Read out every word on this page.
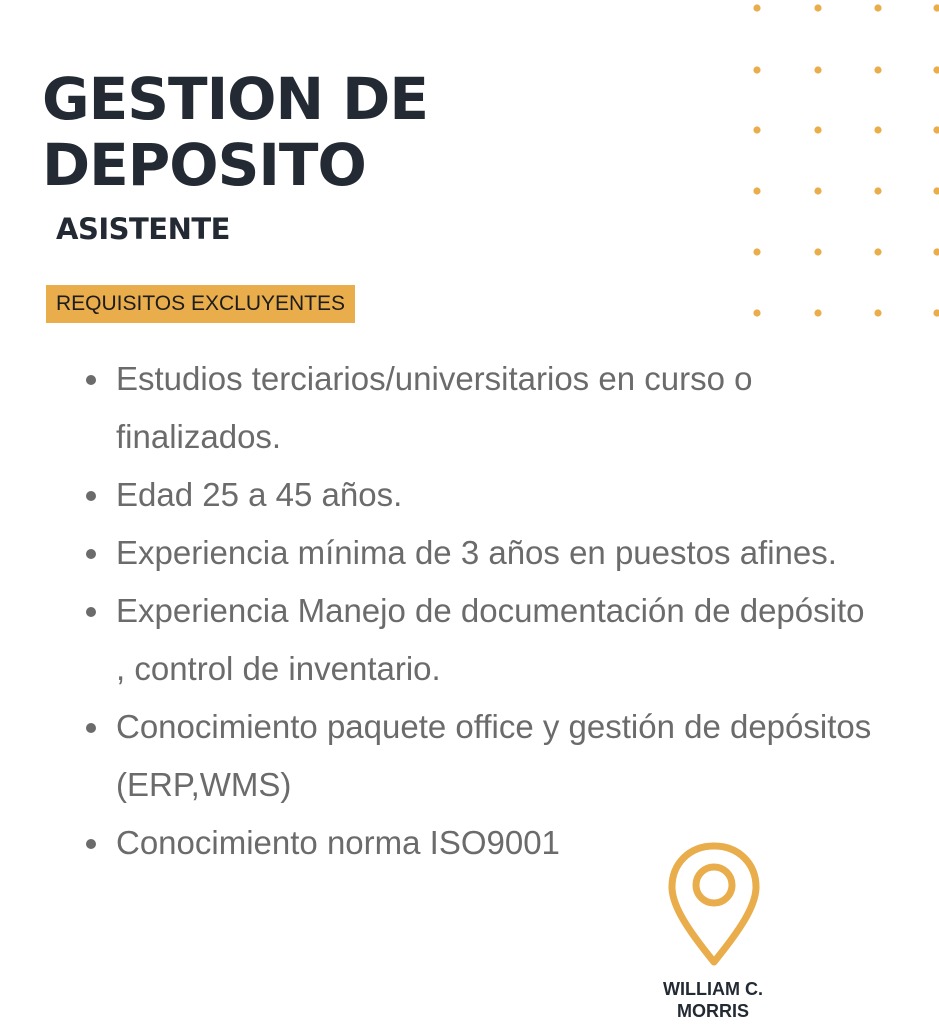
GESTION DE
DEPOSITO
ASISTENTE
REQUISITOS EXCLUYENTES
Estudios terciarios/universitarios en curso o finalizados.
Edad 25 a 45 años.
Experiencia mínima de 3 años en puestos afines.
Experiencia Manejo de documentación de depósito , control de inventario.
Conocimiento paquete office y gestión de depósitos (ERP,WMS)
Conocimiento norma ISO9001
WILLIAM C.
MORRIS
